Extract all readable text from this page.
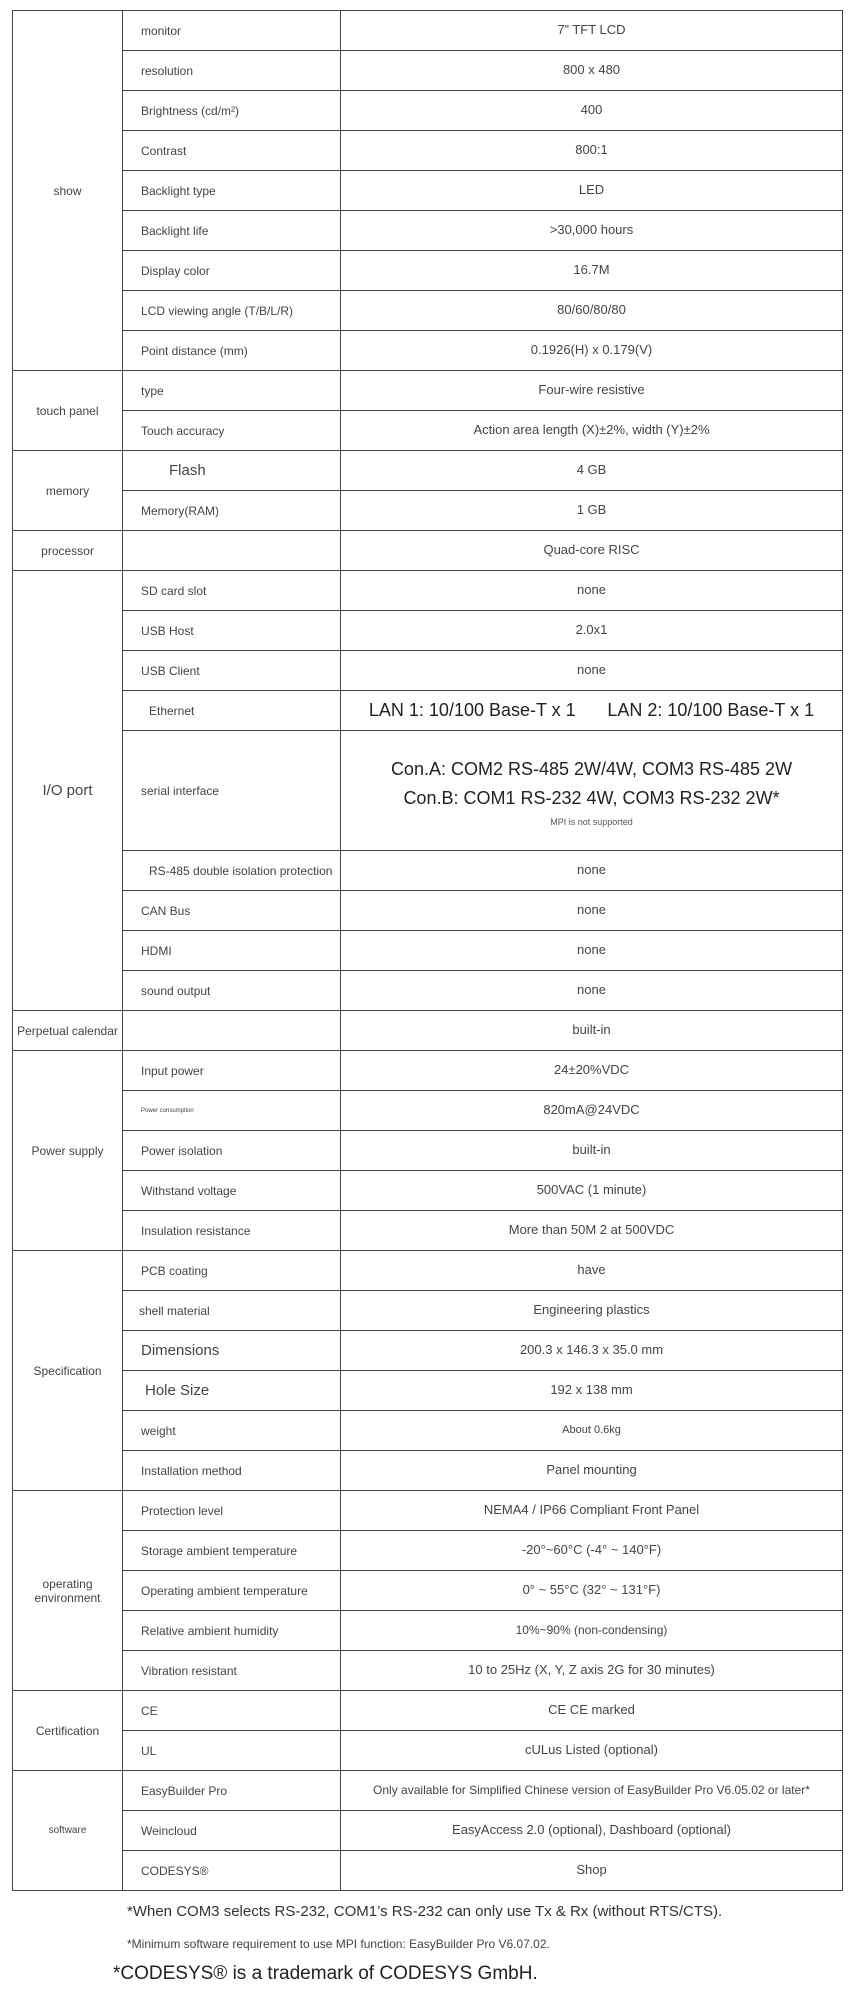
show	monitor	7” TFT LCD
	resolution	800 x 480
	Brightness (cd/m²)	400
	Contrast	800:1
	Backlight type	LED
	Backlight life	>30,000 hours
	Display color	16.7M
	LCD viewing angle (T/B/L/R)	80/60/80/80
	Point distance (mm)	0.1926(H) x 0.179(V)
touch panel	type	Four-wire resistive
	Touch accuracy	Action area length (X)±2%, width (Y)±2%
memory	Flash	4 GB
	Memory(RAM)	1 GB
processor		Quad-core RISC
I/O port	SD card slot	none
	USB Host	2.0x1
	USB Client	none
	Ethernet	LAN 1: 10/100 Base-T x 1 LAN 2: 10/100 Base-T x 1
	serial interface	Con.A: COM2 RS-485 2W/4W, COM3 RS-485 2W
Con.B: COM1 RS-232 4W, COM3 RS-232 2W*
MPI is not supported

	RS-485 double isolation protection	none
	CAN Bus	none
	HDMI	none
	sound output	none
Perpetual calendar		built-in
Power supply	Input power	24±20%VDC
	Power consumption	820mA@24VDC
	Power isolation	built-in
	Withstand voltage	500VAC (1 minute)
	Insulation resistance	More than 50M 2 at 500VDC
Specification	PCB coating	have
	shell material	Engineering plastics
	Dimensions	200.3 x 146.3 x 35.0 mm
	Hole Size	192 x 138 mm
	weight	About 0.6kg
	Installation method	Panel mounting
operating environment	Protection level	NEMA4 / IP66 Compliant Front Panel
	Storage ambient temperature	-20°~60°C (-4° ~ 140°F)
	Operating ambient temperature	0° ~ 55°C (32° ~ 131°F)
	Relative ambient humidity	10%~90% (non-condensing)
	Vibration resistant	10 to 25Hz (X, Y, Z axis 2G for 30 minutes)
Certification	CE	CE CE marked
	UL	cULus Listed (optional)
software	EasyBuilder Pro	Only available for Simplified Chinese version of EasyBuilder Pro V6.05.02 or later*
	Weincloud	EasyAccess 2.0 (optional), Dashboard (optional)
	CODESYS®	Shop
*When COM3 selects RS-232, COM1’s RS-232 can only use Tx & Rx (without RTS/CTS).
*Minimum software requirement to use MPI function: EasyBuilder Pro V6.07.02.
*CODESYS® is a trademark of CODESYS GmbH.
